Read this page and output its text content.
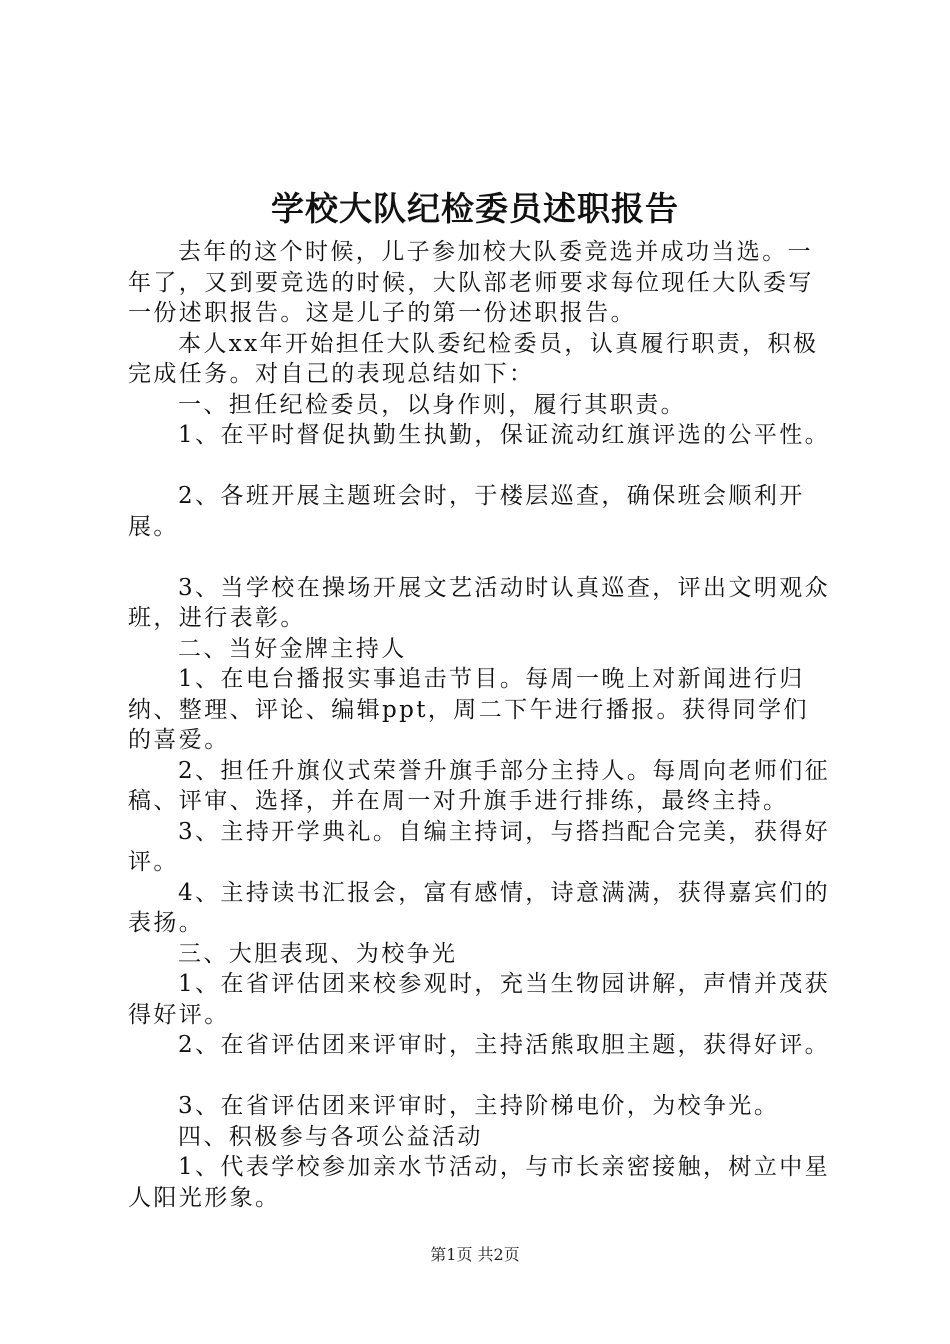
学校大队纪检委员述职报告

去年的这个时候，儿子参加校大队委竞选并成功当选。一年了，又到要竞选的时候，大队部老师要求每位现任大队委写一份述职报告。这是儿子的第一份述职报告。

本人xx年开始担任大队委纪检委员，认真履行职责，积极完成任务。对自己的表现总结如下：

一、担任纪检委员，以身作则，履行其职责。

1、在平时督促执勤生执勤，保证流动红旗评选的公平性。

2、各班开展主题班会时，于楼层巡查，确保班会顺利开展。

3、当学校在操场开展文艺活动时认真巡查，评出文明观众班，进行表彰。

二、当好金牌主持人

1、在电台播报实事追击节目。每周一晚上对新闻进行归纳、整理、评论、编辑ppt，周二下午进行播报。获得同学们的喜爱。

2、担任升旗仪式荣誉升旗手部分主持人。每周向老师们征稿、评审、选择，并在周一对升旗手进行排练，最终主持。

3、主持开学典礼。自编主持词，与搭挡配合完美，获得好评。

4、主持读书汇报会，富有感情，诗意满满，获得嘉宾们的表扬。

三、大胆表现、为校争光

1、在省评估团来校参观时，充当生物园讲解，声情并茂获得好评。

2、在省评估团来评审时，主持活熊取胆主题，获得好评。

3、在省评估团来评审时，主持阶梯电价，为校争光。

四、积极参与各项公益活动

1、代表学校参加亲水节活动，与市长亲密接触，树立中星人阳光形象。

第1页 共2页
